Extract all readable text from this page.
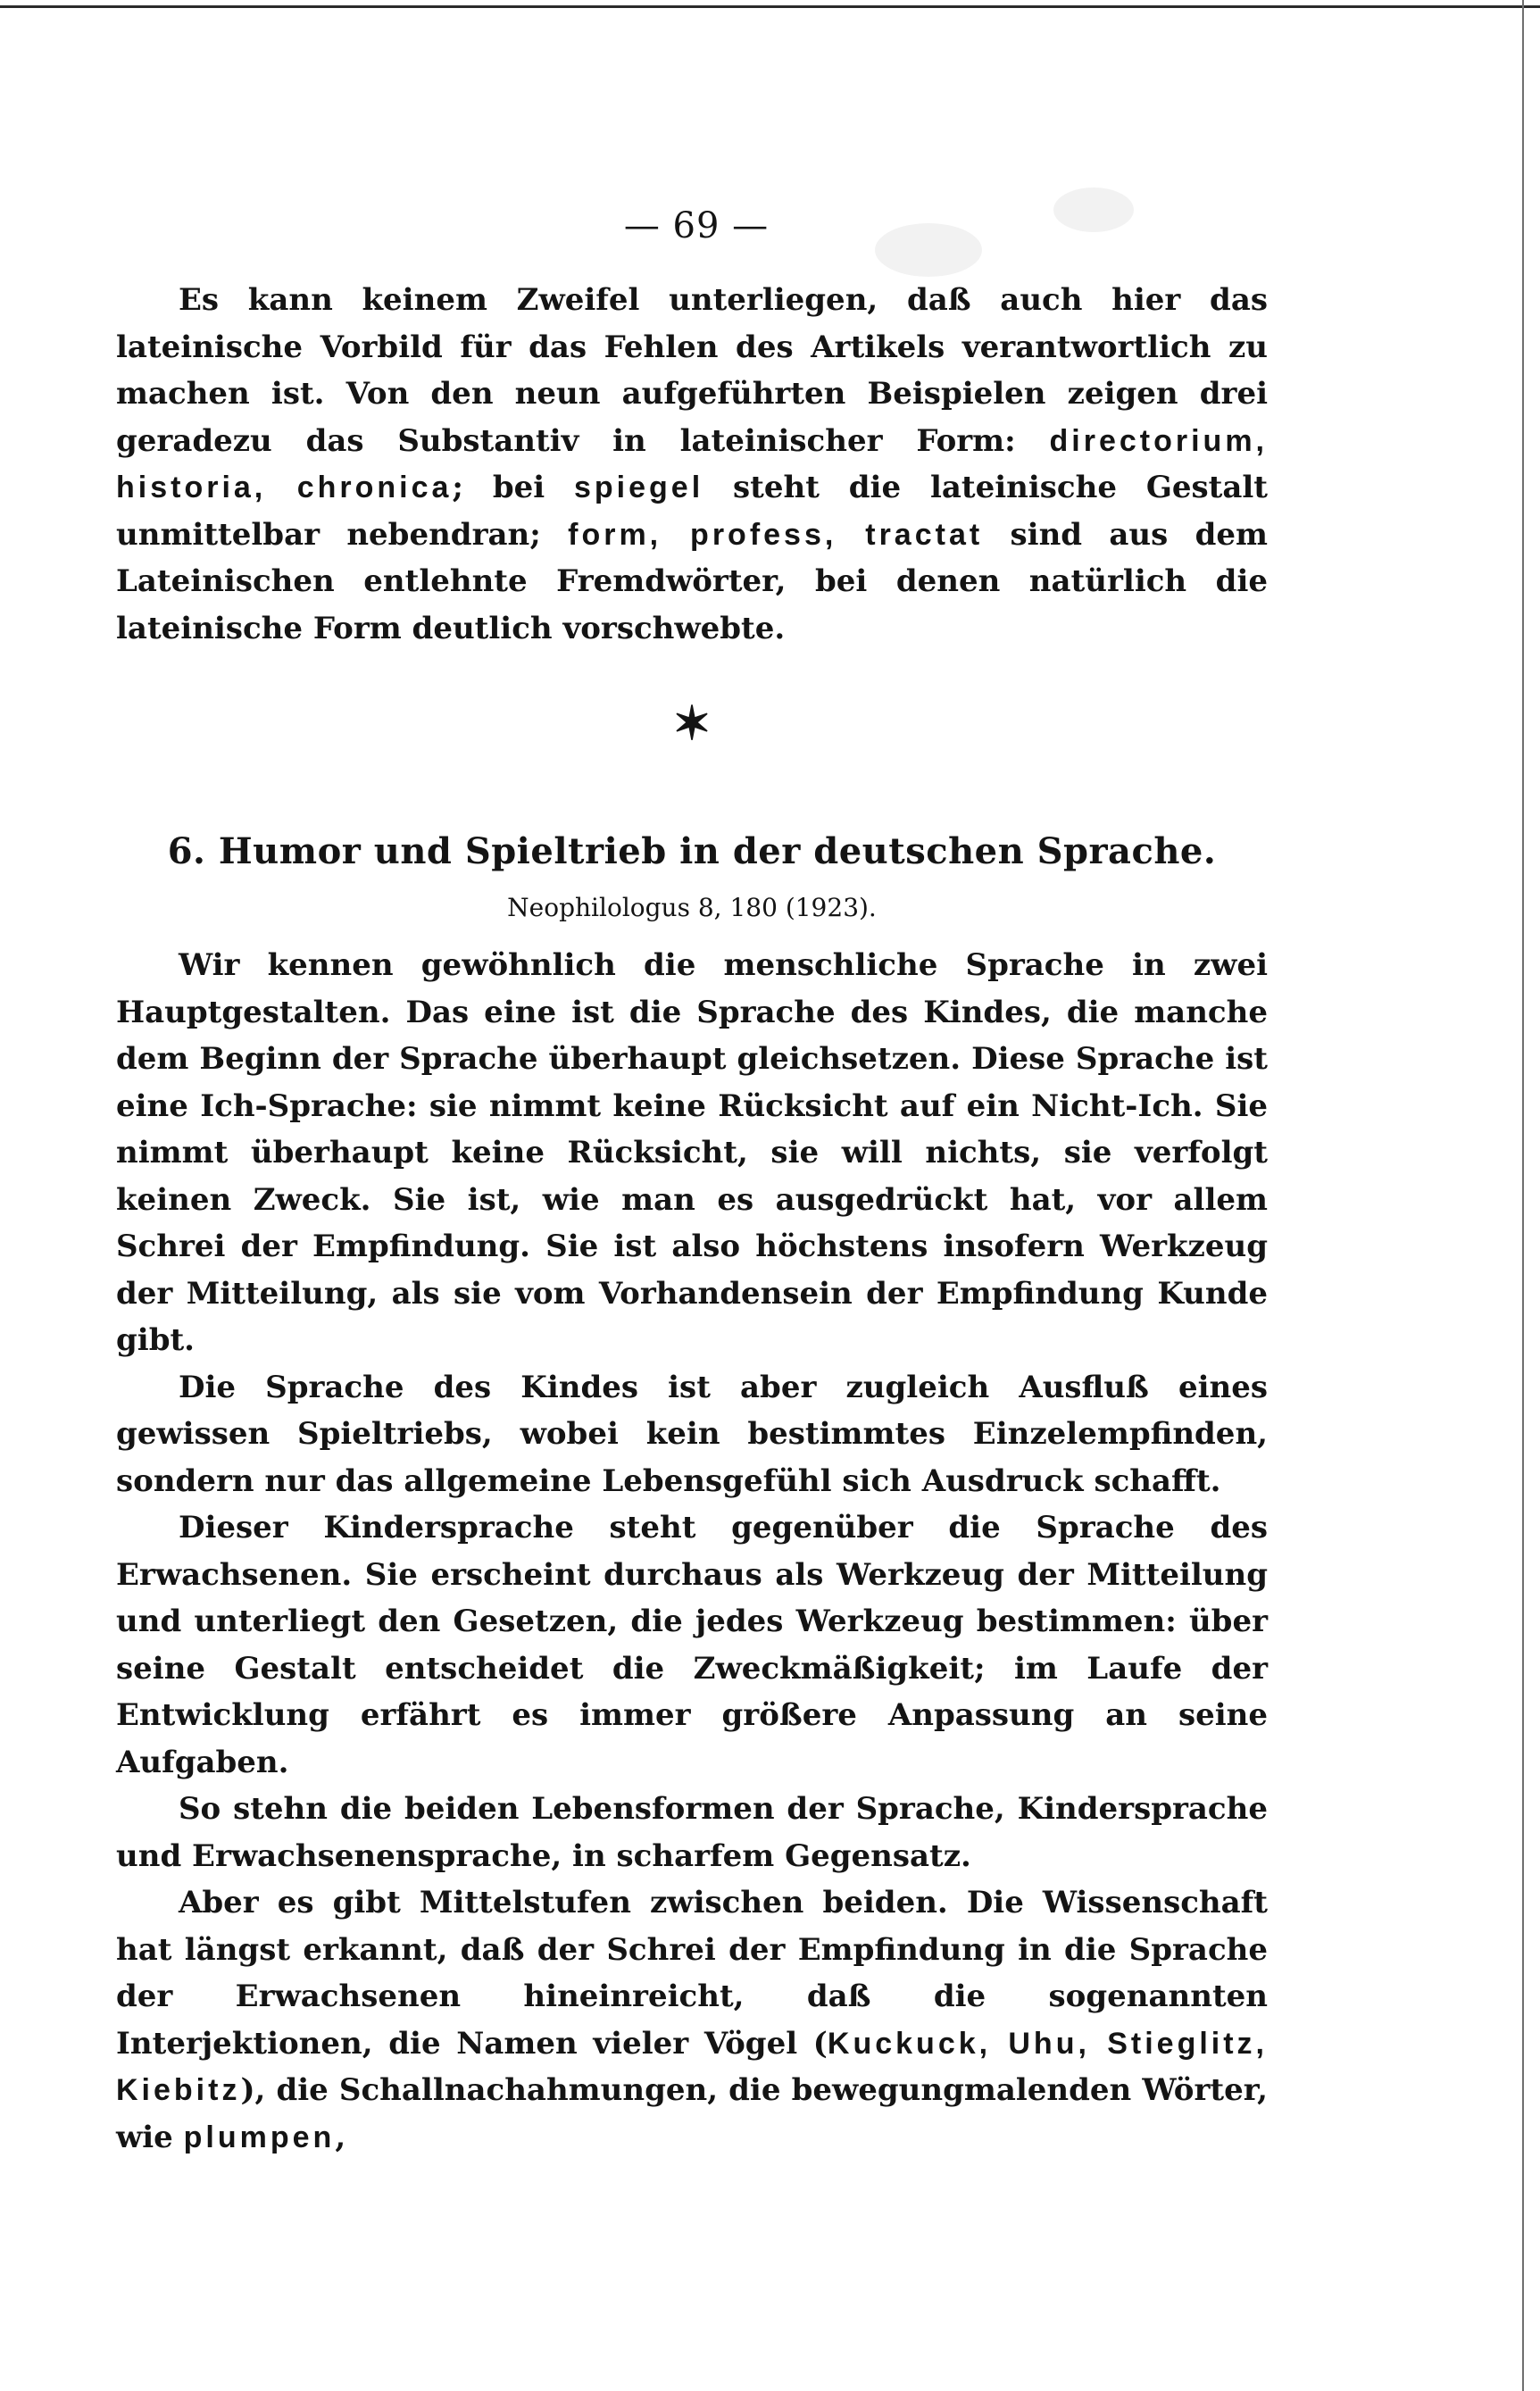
— 69 —

Es kann keinem Zweifel unterliegen, daß auch hier das lateinische Vorbild für das Fehlen des Artikels verantwortlich zu machen ist. Von den neun aufgeführten Beispielen zeigen drei geradezu das Substantiv in lateinischer Form: directorium, historia, chronica; bei spiegel steht die lateinische Gestalt unmittelbar nebendran; form, profess, tractat sind aus dem Lateinischen entlehnte Fremdwörter, bei denen natürlich die lateinische Form deutlich vorschwebte.

✶
6. Humor und Spieltrieb in der deutschen Sprache.
Neophilologus 8, 180 (1923).

Wir kennen gewöhnlich die menschliche Sprache in zwei Hauptgestalten. Das eine ist die Sprache des Kindes, die manche dem Beginn der Sprache überhaupt gleichsetzen. Diese Sprache ist eine Ich-Sprache: sie nimmt keine Rücksicht auf ein Nicht-Ich. Sie nimmt überhaupt keine Rücksicht, sie will nichts, sie verfolgt keinen Zweck. Sie ist, wie man es ausgedrückt hat, vor allem Schrei der Empfindung. Sie ist also höchstens insofern Werkzeug der Mitteilung, als sie vom Vorhandensein der Empfindung Kunde gibt.

Die Sprache des Kindes ist aber zugleich Ausfluß eines gewissen Spieltriebs, wobei kein bestimmtes Einzelempfinden, sondern nur das allgemeine Lebensgefühl sich Ausdruck schafft.

Dieser Kindersprache steht gegenüber die Sprache des Erwachsenen. Sie erscheint durchaus als Werkzeug der Mitteilung und unterliegt den Gesetzen, die jedes Werkzeug bestimmen: über seine Gestalt entscheidet die Zweckmäßigkeit; im Laufe der Entwicklung erfährt es immer größere Anpassung an seine Aufgaben.

So stehn die beiden Lebensformen der Sprache, Kindersprache und Erwachsenensprache, in scharfem Gegensatz.

Aber es gibt Mittelstufen zwischen beiden. Die Wissenschaft hat längst erkannt, daß der Schrei der Empfindung in die Sprache der Erwachsenen hineinreicht, daß die sogenannten Interjektionen, die Namen vieler Vögel (Kuckuck, Uhu, Stieglitz, Kiebitz), die Schallnachahmungen, die bewegungmalenden Wörter, wie plumpen,
